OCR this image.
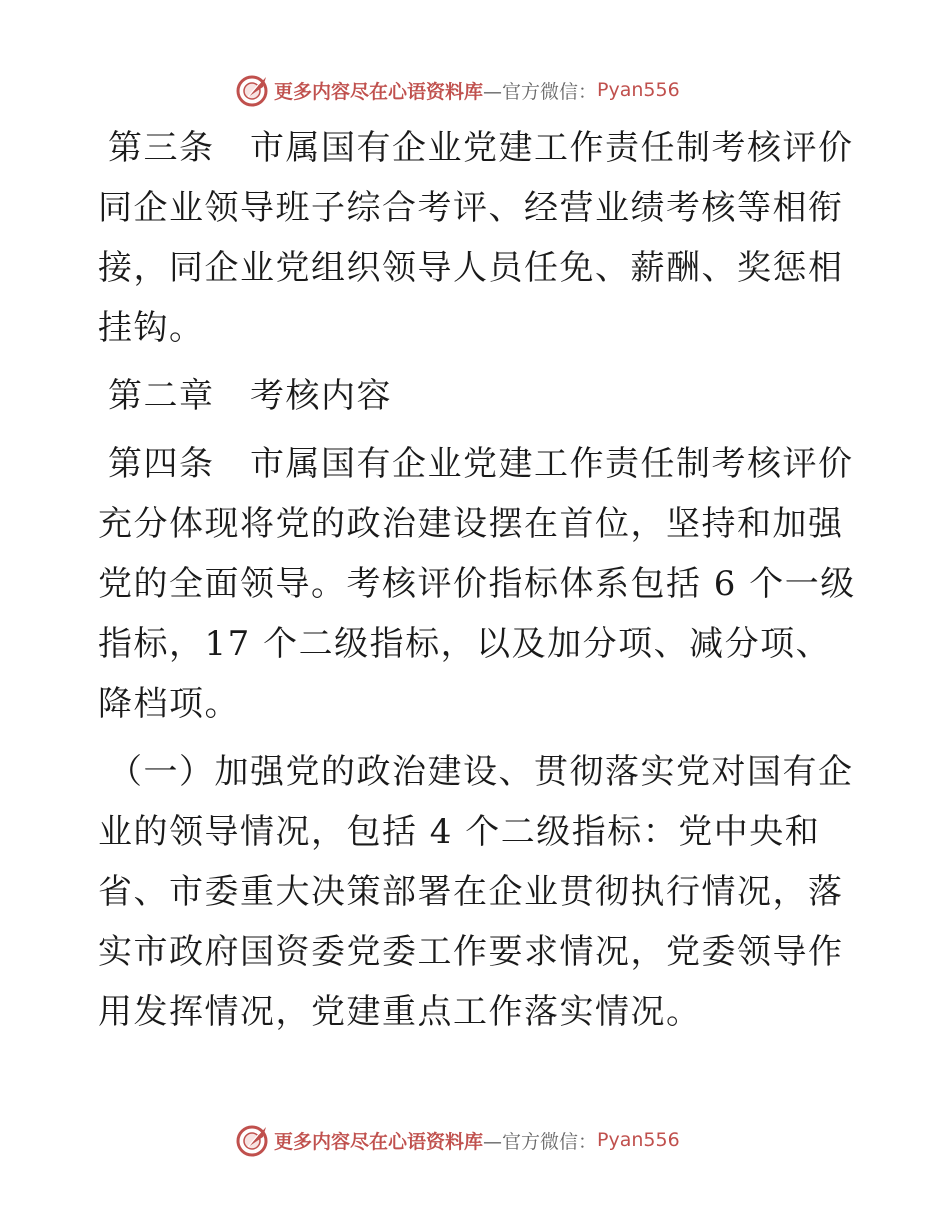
更多内容尽在心语资料库 —官方微信： Pyan556

第三条　市属国有企业党建工作责任制考核评价同企业领导班子综合考评、经营业绩考核等相衔接，同企业党组织领导人员任免、薪酬、奖惩相挂钩。

第二章　考核内容

第四条　市属国有企业党建工作责任制考核评价充分体现将党的政治建设摆在首位，坚持和加强党的全面领导。考核评价指标体系包括 6 个一级指标，17 个二级指标，以及加分项、减分项、降档项。

（一）加强党的政治建设、贯彻落实党对国有企业的领导情况，包括 4 个二级指标：党中央和省、市委重大决策部署在企业贯彻执行情况，落实市政府国资委党委工作要求情况，党委领导作用发挥情况，党建重点工作落实情况。

更多内容尽在心语资料库 —官方微信： Pyan556
